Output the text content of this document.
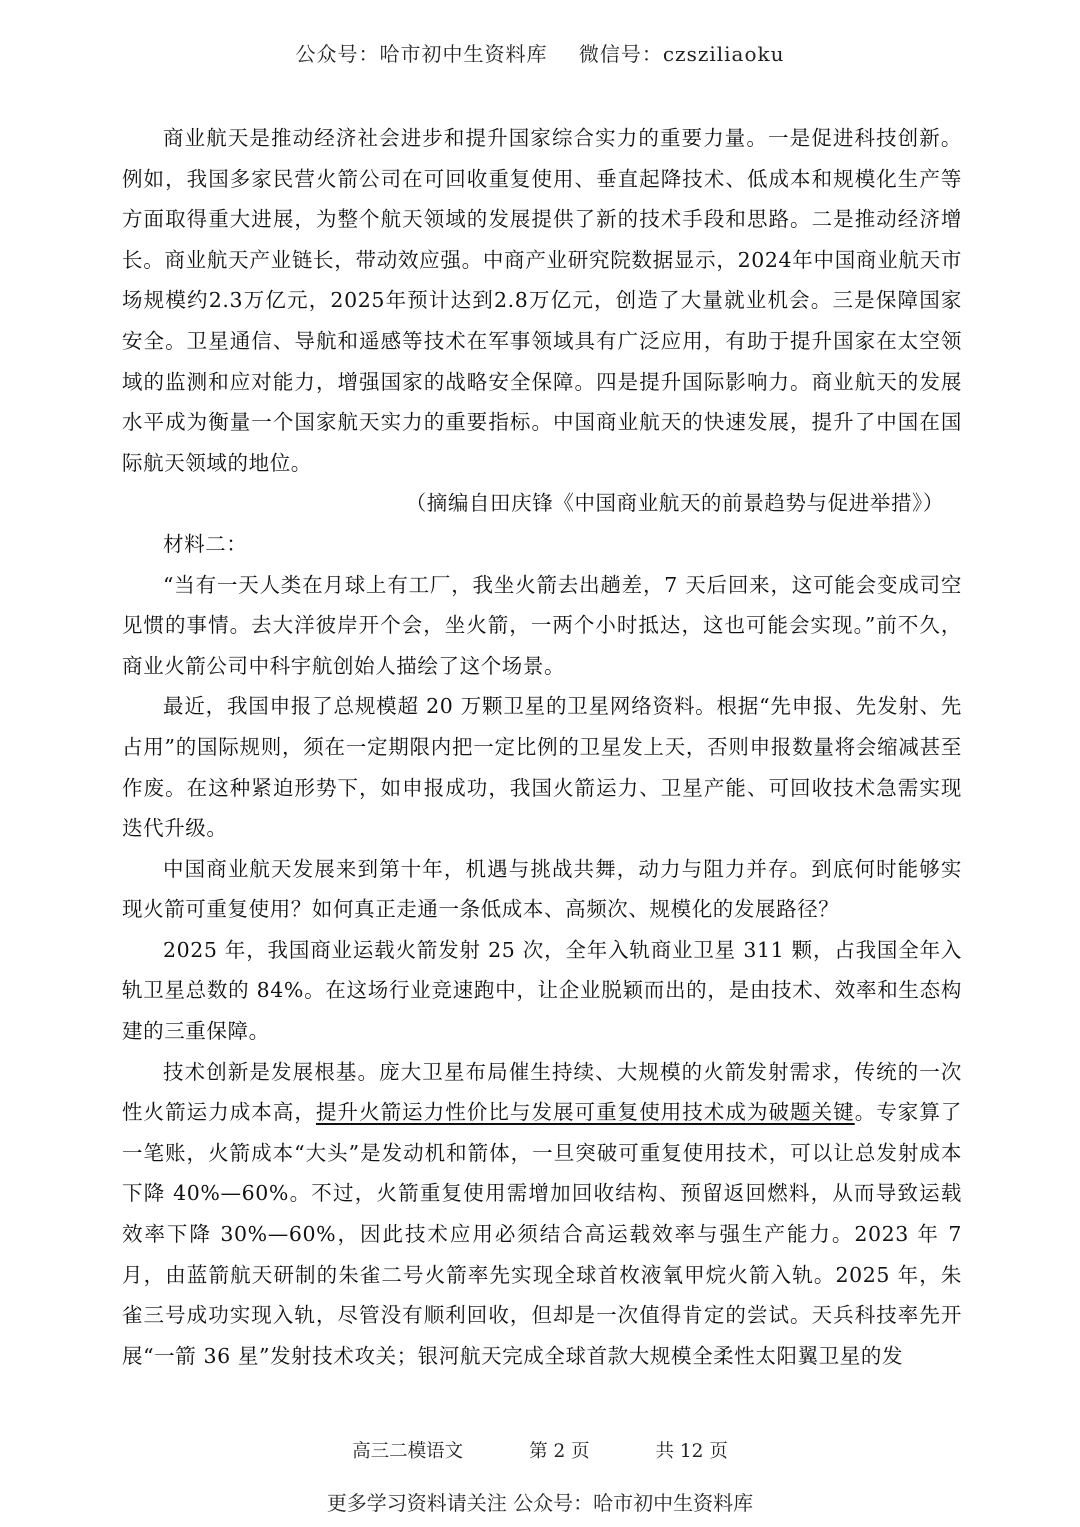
公众号：哈市初中生资料库 微信号：czsziliaoku

商业航天是推动经济社会进步和提升国家综合实力的重要力量。一是促进科技创新。例如，我国多家民营火箭公司在可回收重复使用、垂直起降技术、低成本和规模化生产等方面取得重大进展，为整个航天领域的发展提供了新的技术手段和思路。二是推动经济增长。商业航天产业链长，带动效应强。中商产业研究院数据显示，2024年中国商业航天市场规模约2.3万亿元，2025年预计达到2.8万亿元，创造了大量就业机会。三是保障国家安全。卫星通信、导航和遥感等技术在军事领域具有广泛应用，有助于提升国家在太空领域的监测和应对能力，增强国家的战略安全保障。四是提升国际影响力。商业航天的发展水平成为衡量一个国家航天实力的重要指标。中国商业航天的快速发展，提升了中国在国际航天领域的地位。

（摘编自田庆锋《中国商业航天的前景趋势与促进举措》）

材料二：

“当有一天人类在月球上有工厂，我坐火箭去出趟差，7 天后回来，这可能会变成司空见惯的事情。去大洋彼岸开个会，坐火箭，一两个小时抵达，这也可能会实现。”前不久，商业火箭公司中科宇航创始人描绘了这个场景。

最近，我国申报了总规模超 20 万颗卫星的卫星网络资料。根据“先申报、先发射、先占用”的国际规则，须在一定期限内把一定比例的卫星发上天，否则申报数量将会缩减甚至作废。在这种紧迫形势下，如申报成功，我国火箭运力、卫星产能、可回收技术急需实现迭代升级。

中国商业航天发展来到第十年，机遇与挑战共舞，动力与阻力并存。到底何时能够实现火箭可重复使用？如何真正走通一条低成本、高频次、规模化的发展路径？

2025 年，我国商业运载火箭发射 25 次，全年入轨商业卫星 311 颗，占我国全年入轨卫星总数的 84%。在这场行业竞速跑中，让企业脱颖而出的，是由技术、效率和生态构建的三重保障。

技术创新是发展根基。庞大卫星布局催生持续、大规模的火箭发射需求，传统的一次性火箭运力成本高，提升火箭运力性价比与发展可重复使用技术成为破题关键。专家算了一笔账，火箭成本“大头”是发动机和箭体，一旦突破可重复使用技术，可以让总发射成本下降 40%—60%。不过，火箭重复使用需增加回收结构、预留返回燃料，从而导致运载效率下降 30%—60%，因此技术应用必须结合高运载效率与强生产能力。2023 年 7 月，由蓝箭航天研制的朱雀二号火箭率先实现全球首枚液氧甲烷火箭入轨。2025 年，朱雀三号成功实现入轨，尽管没有顺利回收，但却是一次值得肯定的尝试。天兵科技率先开展“一箭 36 星”发射技术攻关；银河航天完成全球首款大规模全柔性太阳翼卫星的发

高三二模语文	第 2 页	共 12 页
更多学习资料请关注 公众号：哈市初中生资料库
